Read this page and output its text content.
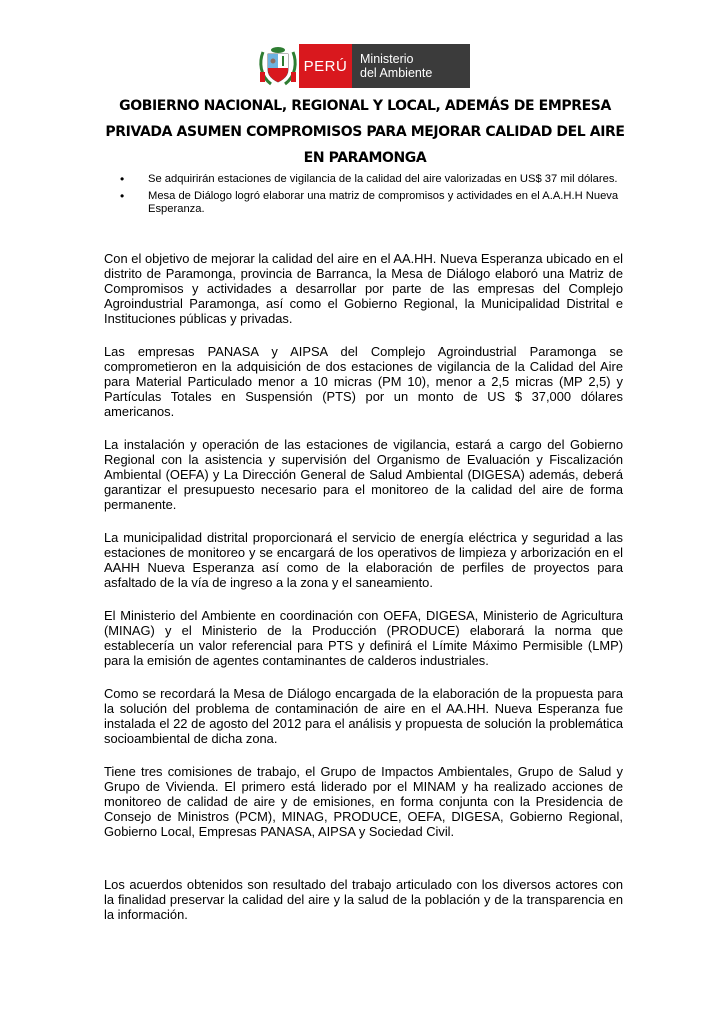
PERÚ	Ministerio
del Ambiente
GOBIERNO NACIONAL, REGIONAL Y LOCAL, ADEMÁS DE EMPRESA PRIVADA ASUMEN COMPROMISOS PARA MEJORAR CALIDAD DEL AIRE EN PARAMONGA
• Se adquirirán estaciones de vigilancia de la calidad del aire valorizadas en US$ 37 mil dólares.
• Mesa de Diálogo logró elaborar una matriz de compromisos y actividades en el A.A.H.H Nueva Esperanza.

Con el objetivo de mejorar la calidad del aire en el AA.HH. Nueva Esperanza ubicado en el distrito de Paramonga, provincia de Barranca, la Mesa de Diálogo elaboró una Matriz de Compromisos y actividades a desarrollar por parte de las empresas del Complejo Agroindustrial Paramonga, así como el Gobierno Regional, la Municipalidad Distrital e Instituciones públicas y privadas.

Las empresas PANASA y AIPSA del Complejo Agroindustrial Paramonga se comprometieron en la adquisición de dos estaciones de vigilancia de la Calidad del Aire para Material Particulado menor a 10 micras (PM 10), menor a 2,5 micras (MP 2,5) y Partículas Totales en Suspensión (PTS) por un monto de US $ 37,000 dólares americanos.

La instalación y operación de las estaciones de vigilancia, estará a cargo del Gobierno Regional con la asistencia y supervisión del Organismo de Evaluación y Fiscalización Ambiental (OEFA) y La Dirección General de Salud Ambiental (DIGESA) además, deberá garantizar el presupuesto necesario para el monitoreo de la calidad del aire de forma permanente.

La municipalidad distrital proporcionará el servicio de energía eléctrica y seguridad a las estaciones de monitoreo y se encargará de los operativos de limpieza y arborización en el AAHH Nueva Esperanza así como de la elaboración de perfiles de proyectos para asfaltado de la vía de ingreso a la zona y el saneamiento.

El Ministerio del Ambiente en coordinación con OEFA, DIGESA, Ministerio de Agricultura (MINAG) y el Ministerio de la Producción (PRODUCE) elaborará la norma que establecería un valor referencial para PTS y definirá el Límite Máximo Permisible (LMP) para la emisión de agentes contaminantes de calderos industriales.

Como se recordará la Mesa de Diálogo encargada de la elaboración de la propuesta para la solución del problema de contaminación de aire en el AA.HH. Nueva Esperanza fue instalada el 22 de agosto del 2012 para el análisis y propuesta de solución la problemática socioambiental de dicha zona.

Tiene tres comisiones de trabajo, el Grupo de Impactos Ambientales, Grupo de Salud y Grupo de Vivienda. El primero está liderado por el MINAM y ha realizado acciones de monitoreo de calidad de aire y de emisiones, en forma conjunta con la Presidencia de Consejo de Ministros (PCM), MINAG, PRODUCE, OEFA, DIGESA, Gobierno Regional, Gobierno Local, Empresas PANASA, AIPSA y Sociedad Civil.

Los acuerdos obtenidos son resultado del trabajo articulado con los diversos actores con la finalidad preservar la calidad del aire y la salud de la población y de la transparencia en la información.
